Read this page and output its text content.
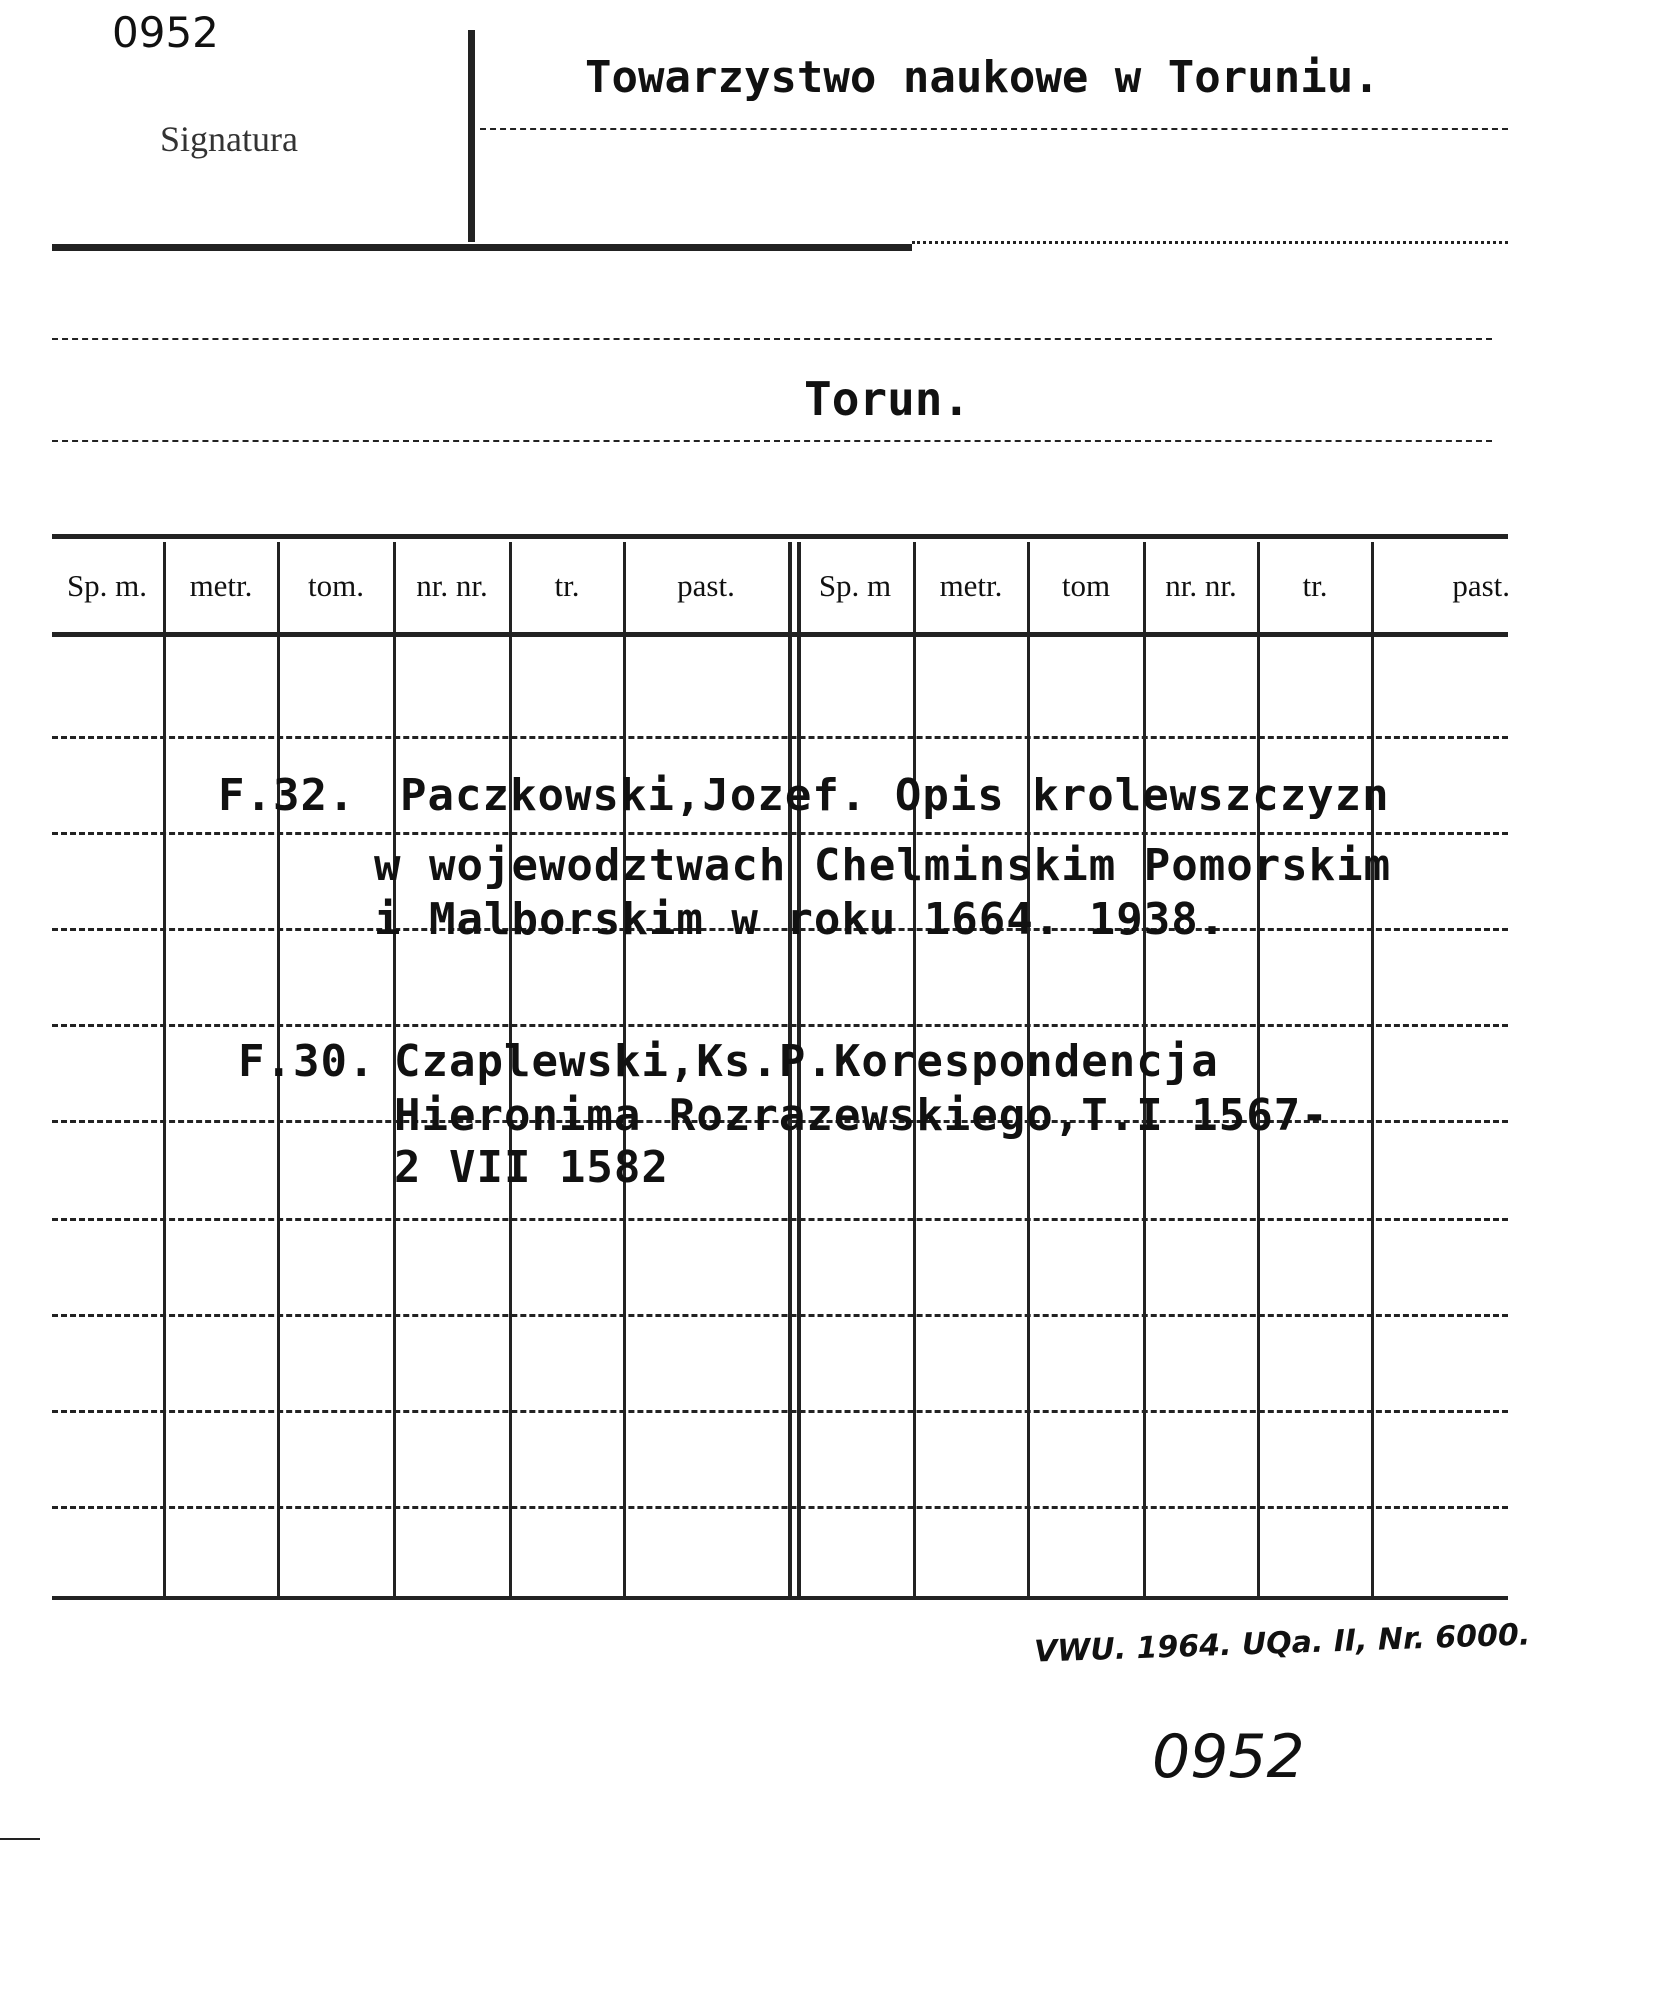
0952
Signatura
Towarzystwo naukowe w Toruniu.
Torun.
Sp. m.	metr.	tom.	nr. nr.	tr.	past.	Sp. m	metr.	tom	nr. nr.	tr.	past.
F.32. Paczkowski,Jozef. Opis krolewszczyzn
w wojewodztwach Chelminskim Pomorskim
i Malborskim w roku 1664. 1938.
F.30. Czaplewski,Ks.P.Korespondencja
Hieronima Rozrazewskiego,T.I 1567-
2 VII 1582
VWU. 1964. UQa. II, Nr. 6000.
0952
